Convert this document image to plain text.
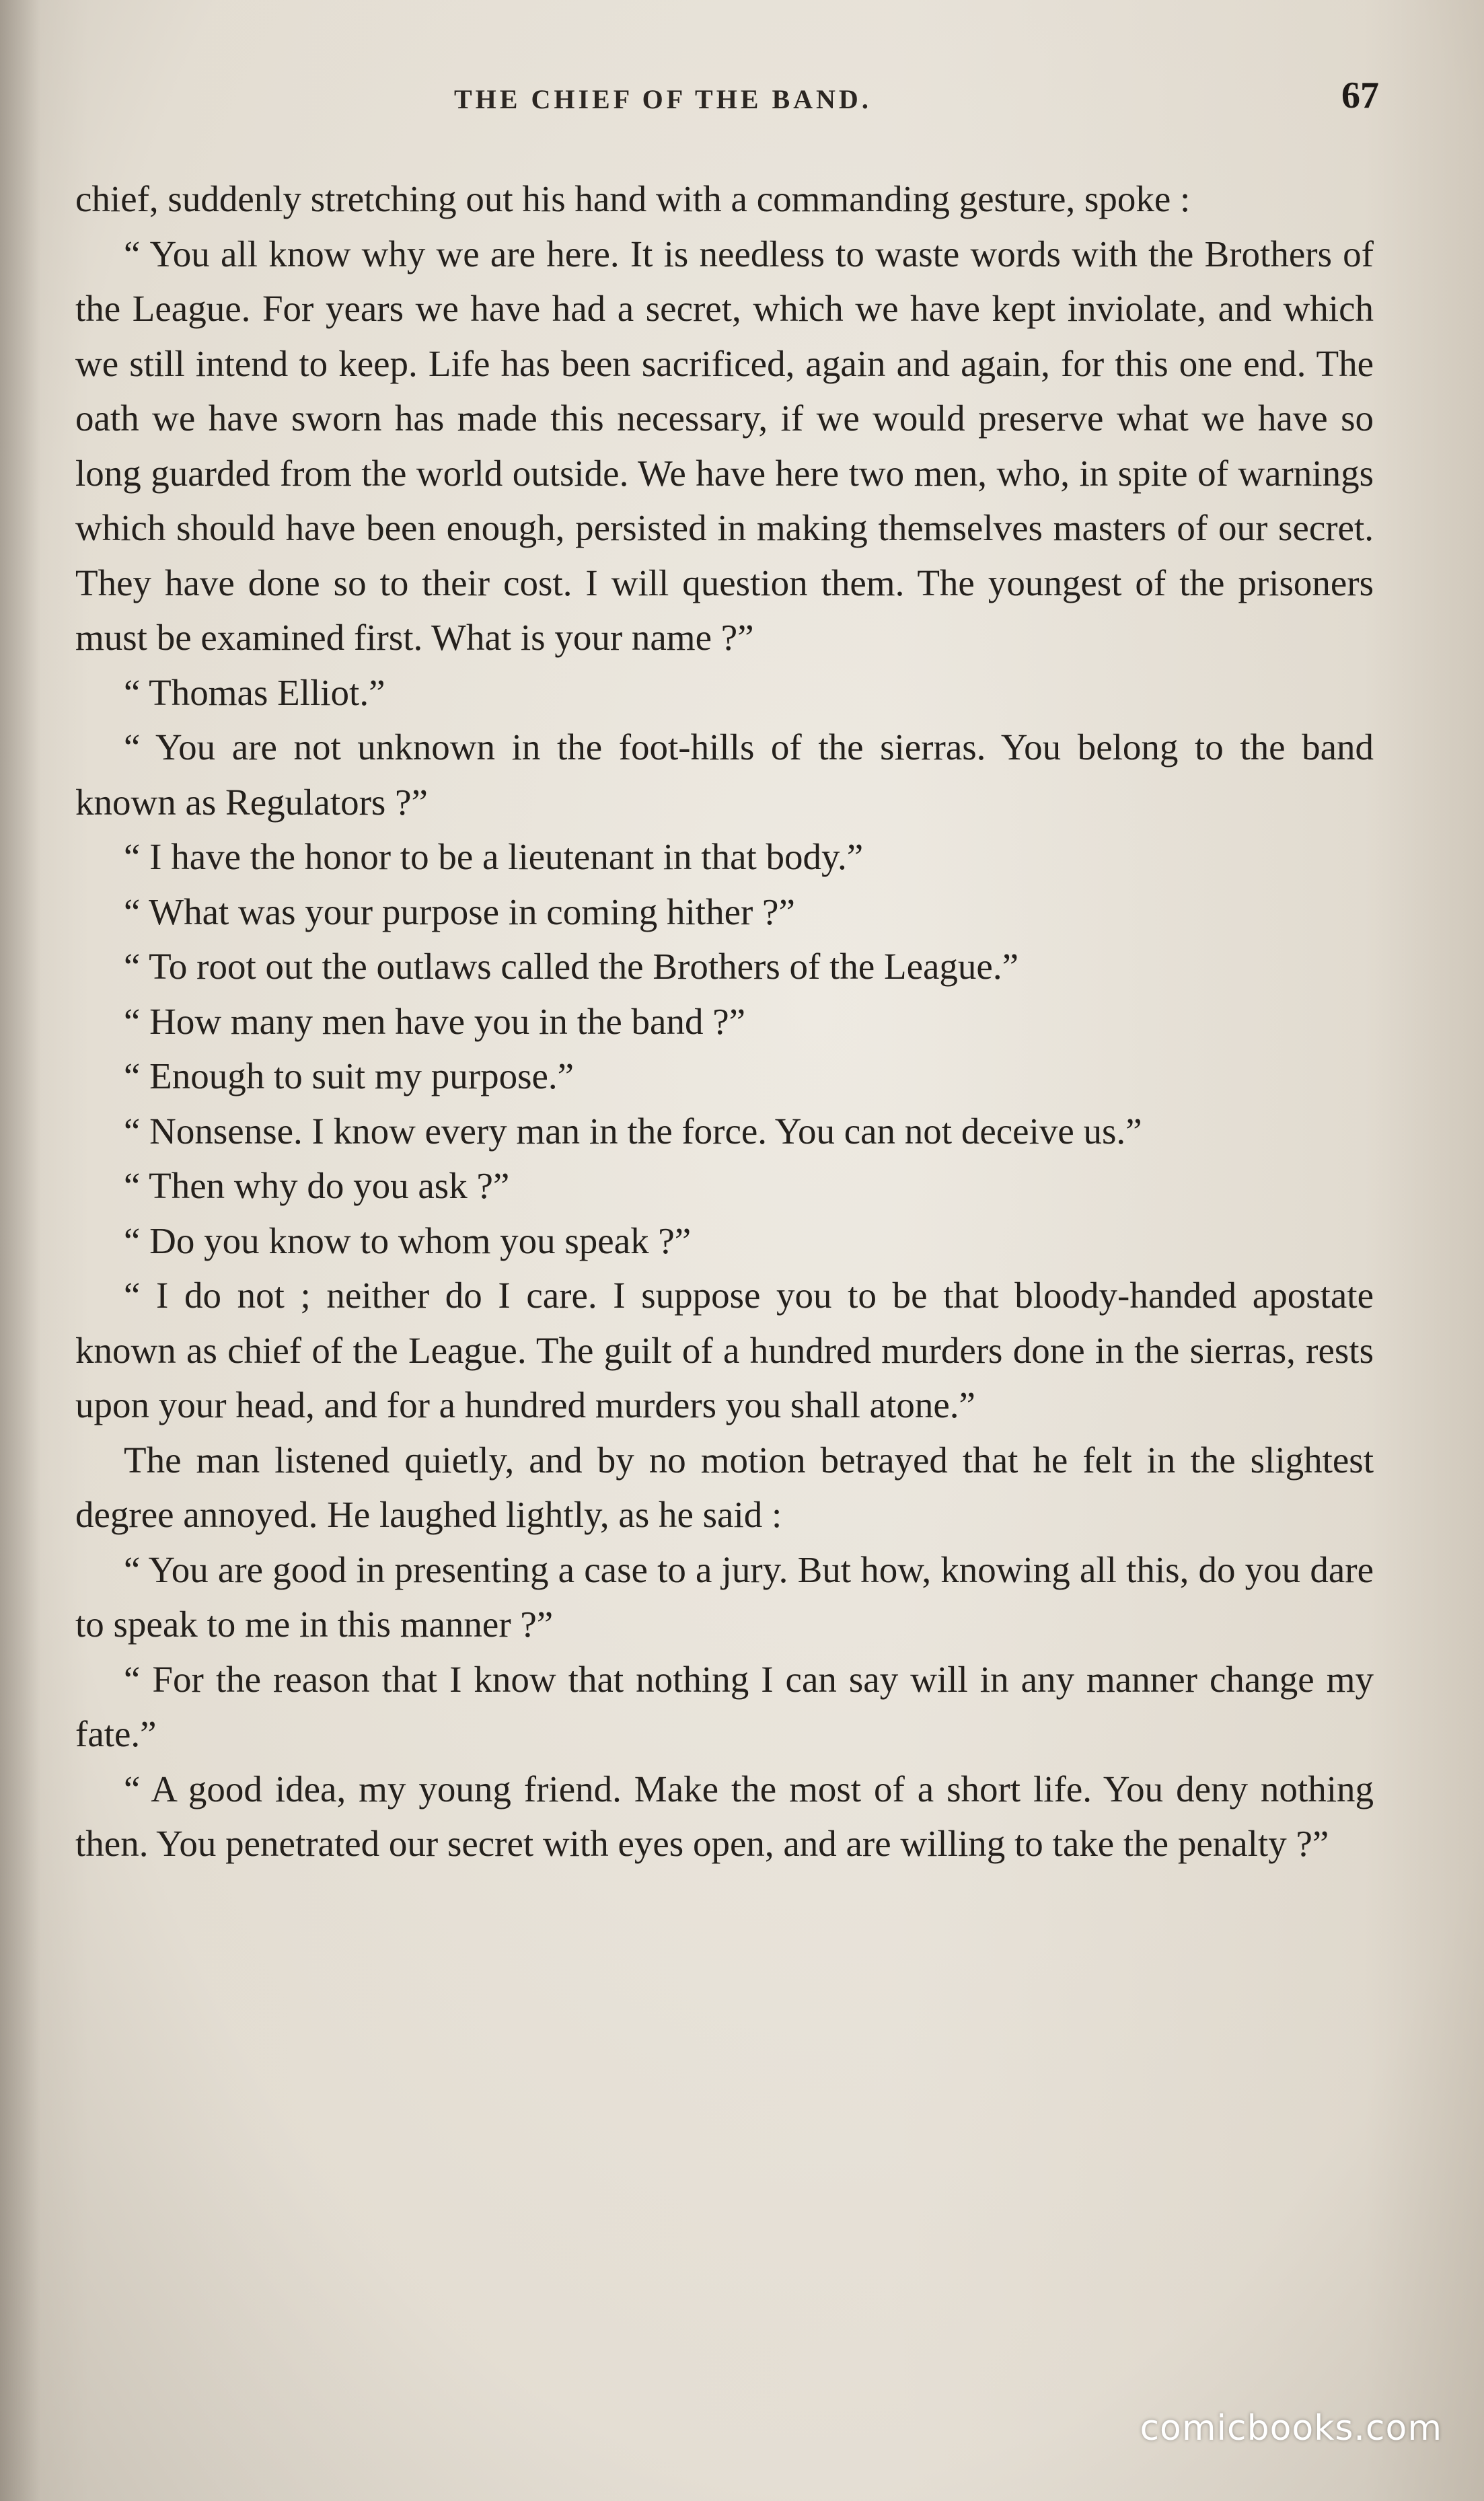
THE CHIEF OF THE BAND.	67

chief, suddenly stretching out his hand with a commanding gesture, spoke :

“ You all know why we are here. It is needless to waste words with the Brothers of the League. For years we have had a secret, which we have kept inviolate, and which we still intend to keep. Life has been sacrificed, again and again, for this one end. The oath we have sworn has made this necessary, if we would preserve what we have so long guarded from the world outside. We have here two men, who, in spite of warnings which should have been enough, persisted in making themselves masters of our secret. They have done so to their cost. I will question them. The youngest of the prisoners must be examined first. What is your name ?”

“ Thomas Elliot.”

“ You are not unknown in the foot-hills of the sierras. You belong to the band known as Regulators ?”

“ I have the honor to be a lieutenant in that body.”

“ What was your purpose in coming hither ?”

“ To root out the outlaws called the Brothers of the League.”

“ How many men have you in the band ?”

“ Enough to suit my purpose.”

“ Nonsense. I know every man in the force. You can not deceive us.”

“ Then why do you ask ?”

“ Do you know to whom you speak ?”

“ I do not ; neither do I care. I suppose you to be that bloody-handed apostate known as chief of the League. The guilt of a hundred murders done in the sierras, rests upon your head, and for a hundred murders you shall atone.”

The man listened quietly, and by no motion betrayed that he felt in the slightest degree annoyed. He laughed lightly, as he said :

“ You are good in presenting a case to a jury. But how, knowing all this, do you dare to speak to me in this manner ?”

“ For the reason that I know that nothing I can say will in any manner change my fate.”

“ A good idea, my young friend. Make the most of a short life. You deny nothing then. You penetrated our secret with eyes open, and are willing to take the penalty ?”

comicbooks.com
